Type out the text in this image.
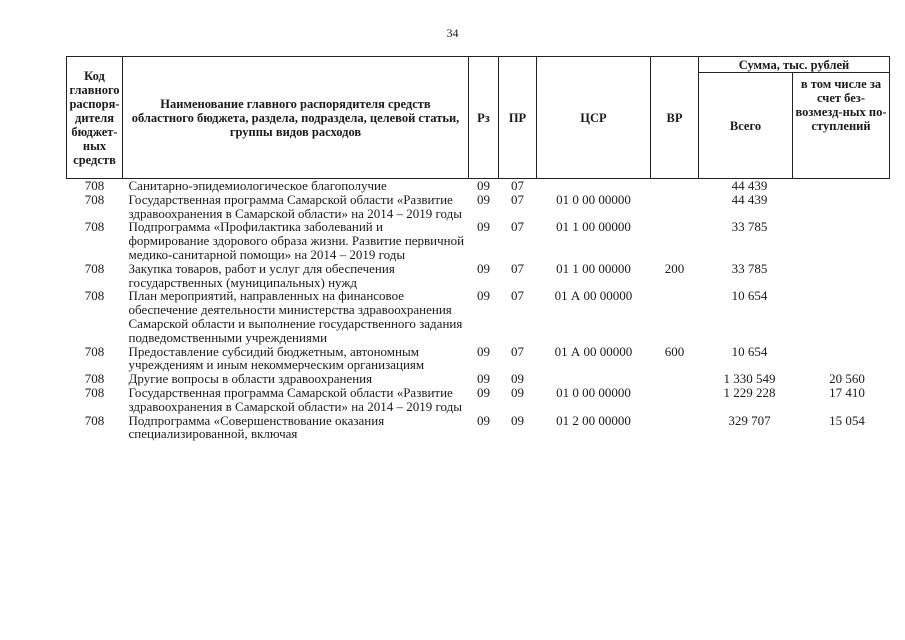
34
Код главного распоря-дителя бюджет-ных средств	Наименование главного распорядителя средств областного бюджета, раздела, подраздела, целевой статьи, группы видов расходов	Рз	ПР	ЦСР	ВР	Сумма, тыс. рублей	
						Всего	в том числе за счет без-возмезд-ных по-ступлений
708	Санитарно-эпидемиологическое благополучие	09	07			44 439	
708	Государственная программа Самарской области «Развитие здравоохранения в Самарской области» на 2014 – 2019 годы	09	07	01 0 00 00000		44 439	
708	Подпрограмма «Профилактика заболеваний и формирование здорового образа жизни. Развитие первичной медико-санитарной помощи» на 2014 – 2019 годы	09	07	01 1 00 00000		33 785	
708	Закупка товаров, работ и услуг для обеспечения государственных (муниципальных) нужд	09	07	01 1 00 00000	200	33 785	
708	План мероприятий, направленных на финансовое обеспечение деятельности министерства здравоохранения Самарской области и выполнение государственного задания подведомственными учреждениями	09	07	01 А 00 00000		10 654	
708	Предоставление субсидий бюджетным, автономным учреждениям и иным некоммерческим организациям	09	07	01 А 00 00000	600	10 654	
708	Другие вопросы в области здравоохранения	09	09			1 330 549	20 560
708	Государственная программа Самарской области «Развитие здравоохранения в Самарской области» на 2014 – 2019 годы	09	09	01 0 00 00000		1 229 228	17 410
708	Подпрограмма «Совершенствование оказания специализированной, включая	09	09	01 2 00 00000		329 707	15 054
